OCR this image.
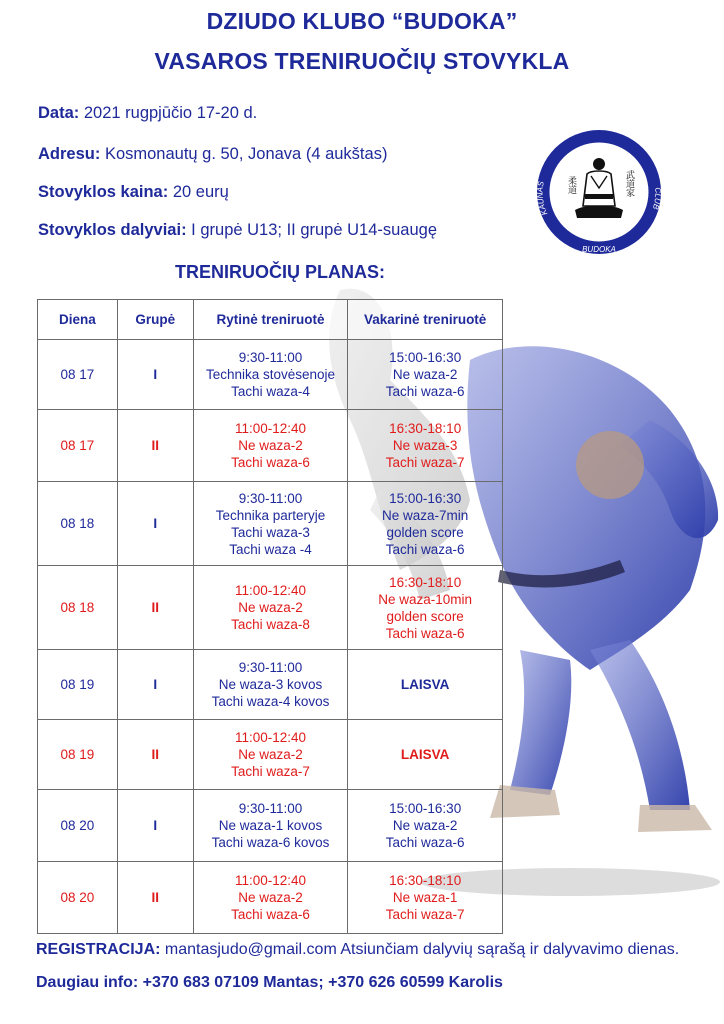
DZIUDO KLUBO “BUDOKA”
VASAROS TRENIRUOČIŲ STOVYKLA
Data: 2021 rugpjūčio 17-20 d.
Adresu: Kosmonautų g. 50, Jonava (4 aukštas)
Stovyklos kaina: 20 eurų
Stovyklos dalyviai: I grupė U13; II grupė U14-suaugę
JUDO
KAUNAS
CLUB
BUDOKA
柔道	武道家
TRENIRUOČIŲ PLANAS:
Diena	Grupė	Rytinė treniruotė	Vakarinė treniruotė
08 17	I	9:30-11:00
Technika stovėsenoje
Tachi waza-4	15:00-16:30
Ne waza-2
Tachi waza-6

08 17	II	11:00-12:40
Ne waza-2
Tachi waza-6	16:30-18:10
Ne waza-3
Tachi waza-7

08 18	I	9:30-11:00
Technika parteryje
Tachi waza-3
Tachi waza -4	15:00-16:30
Ne waza-7min
golden score
Tachi waza-6

08 18	II	11:00-12:40
Ne waza-2
Tachi waza-8	16:30-18:10
Ne waza-10min
golden score
Tachi waza-6

08 19	I	9:30-11:00
Ne waza-3 kovos
Tachi waza-4 kovos	LAISVA

08 19	II	11:00-12:40
Ne waza-2
Tachi waza-7	LAISVA

08 20	I	9:30-11:00
Ne waza-1 kovos
Tachi waza-6 kovos	15:00-16:30
Ne waza-2
Tachi waza-6

08 20	II	11:00-12:40
Ne waza-2
Tachi waza-6	16:30-18:10
Ne waza-1
Tachi waza-7
REGISTRACIJA: mantasjudo@gmail.com Atsiunčiam dalyvių sąrašą ir dalyvavimo dienas.
Daugiau info: +370 683 07109 Mantas; +370 626 60599 Karolis
